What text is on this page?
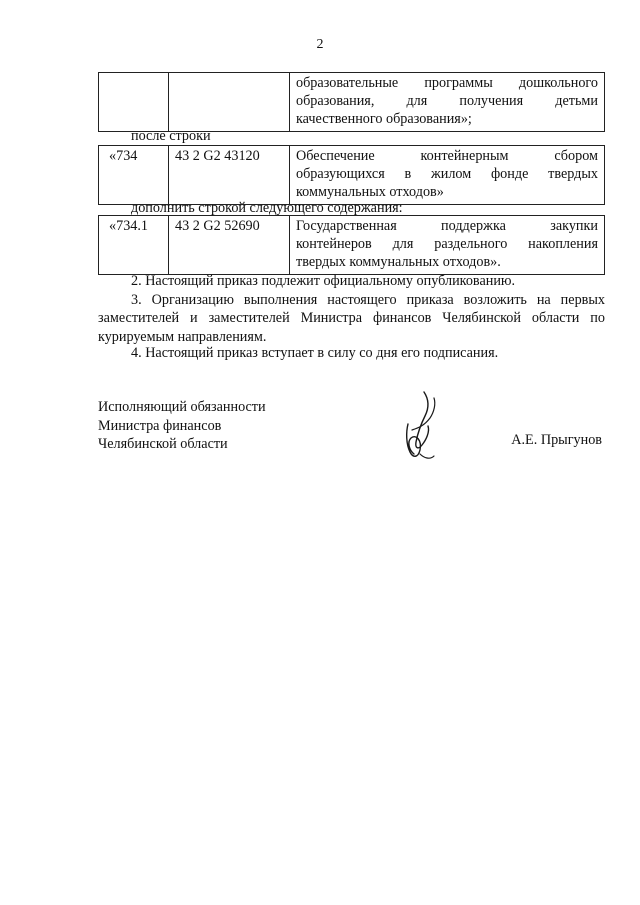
2

образовательные программы дошкольного
образования, для получения детьми
качественного образования»;
после строки
«734	43 2 G2 43120	Обеспечение контейнерным сбором
образующихся в жилом фонде твердых
коммунальных отходов»
дополнить строкой следующего содержания:
«734.1	43 2 G2 52690	Государственная поддержка закупки
контейнеров для раздельного накопления
твердых коммунальных отходов».
2. Настоящий приказ подлежит официальному опубликованию.
3. Организацию выполнения настоящего приказа возложить на первых
заместителей и заместителей Министра финансов Челябинской области по
курируемым направлениям.
4. Настоящий приказ вступает в силу со дня его подписания.
Исполняющий обязанности
Министра финансов
Челябинской области	А.Е. Прыгунов
